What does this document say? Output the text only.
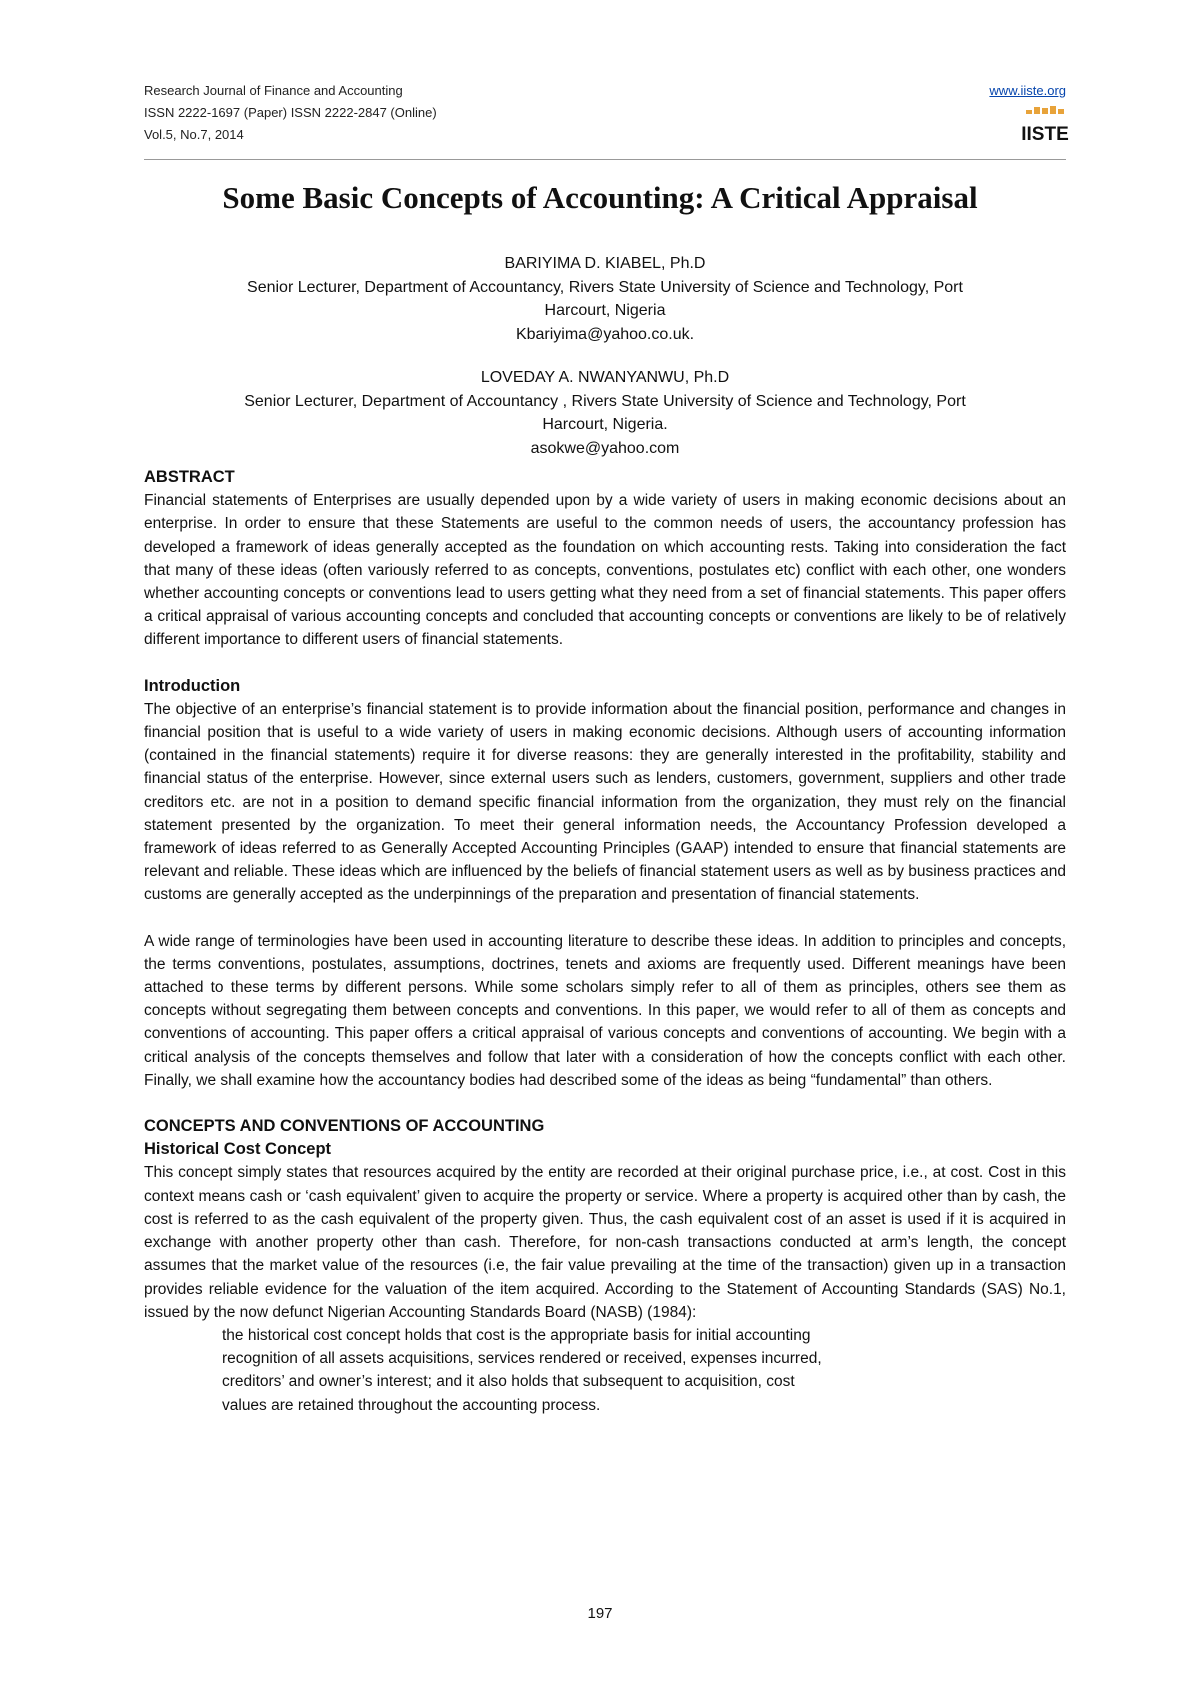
Research Journal of Finance and Accounting
ISSN 2222-1697 (Paper) ISSN 2222-2847 (Online)
Vol.5, No.7, 2014
www.iiste.org
IISTE
Some Basic Concepts of Accounting: A Critical Appraisal
BARIYIMA D. KIABEL, Ph.D
Senior Lecturer, Department of Accountancy, Rivers State University of Science and Technology, Port
Harcourt, Nigeria
Kbariyima@yahoo.co.uk.
LOVEDAY A. NWANYANWU, Ph.D
Senior Lecturer, Department of Accountancy , Rivers State University of Science and Technology, Port
Harcourt, Nigeria.
asokwe@yahoo.com
ABSTRACT

Financial statements of Enterprises are usually depended upon by a wide variety of users in making economic decisions about an enterprise. In order to ensure that these Statements are useful to the common needs of users, the accountancy profession has developed a framework of ideas generally accepted as the foundation on which accounting rests. Taking into consideration the fact that many of these ideas (often variously referred to as concepts, conventions, postulates etc) conflict with each other, one wonders whether accounting concepts or conventions lead to users getting what they need from a set of financial statements. This paper offers a critical appraisal of various accounting concepts and concluded that accounting concepts or conventions are likely to be of relatively different importance to different users of financial statements.

Introduction

The objective of an enterprise’s financial statement is to provide information about the financial position, performance and changes in financial position that is useful to a wide variety of users in making economic decisions. Although users of accounting information (contained in the financial statements) require it for diverse reasons: they are generally interested in the profitability, stability and financial status of the enterprise. However, since external users such as lenders, customers, government, suppliers and other trade creditors etc. are not in a position to demand specific financial information from the organization, they must rely on the financial statement presented by the organization. To meet their general information needs, the Accountancy Profession developed a framework of ideas referred to as Generally Accepted Accounting Principles (GAAP) intended to ensure that financial statements are relevant and reliable. These ideas which are influenced by the beliefs of financial statement users as well as by business practices and customs are generally accepted as the underpinnings of the preparation and presentation of financial statements.

A wide range of terminologies have been used in accounting literature to describe these ideas. In addition to principles and concepts, the terms conventions, postulates, assumptions, doctrines, tenets and axioms are frequently used. Different meanings have been attached to these terms by different persons. While some scholars simply refer to all of them as principles, others see them as concepts without segregating them between concepts and conventions. In this paper, we would refer to all of them as concepts and conventions of accounting. This paper offers a critical appraisal of various concepts and conventions of accounting. We begin with a critical analysis of the concepts themselves and follow that later with a consideration of how the concepts conflict with each other. Finally, we shall examine how the accountancy bodies had described some of the ideas as being “fundamental” than others.

CONCEPTS AND CONVENTIONS OF ACCOUNTING
Historical Cost Concept

This concept simply states that resources acquired by the entity are recorded at their original purchase price, i.e., at cost. Cost in this context means cash or ‘cash equivalent’ given to acquire the property or service. Where a property is acquired other than by cash, the cost is referred to as the cash equivalent of the property given. Thus, the cash equivalent cost of an asset is used if it is acquired in exchange with another property other than cash. Therefore, for non-cash transactions conducted at arm’s length, the concept assumes that the market value of the resources (i.e, the fair value prevailing at the time of the transaction) given up in a transaction provides reliable evidence for the valuation of the item acquired. According to the Statement of Accounting Standards (SAS) No.1, issued by the now defunct Nigerian Accounting Standards Board (NASB) (1984):

the historical cost concept holds that cost is the appropriate basis for initial accounting
recognition of all assets acquisitions, services rendered or received, expenses incurred,
creditors’ and owner’s interest; and it also holds that subsequent to acquisition, cost
values are retained throughout the accounting process.
197
